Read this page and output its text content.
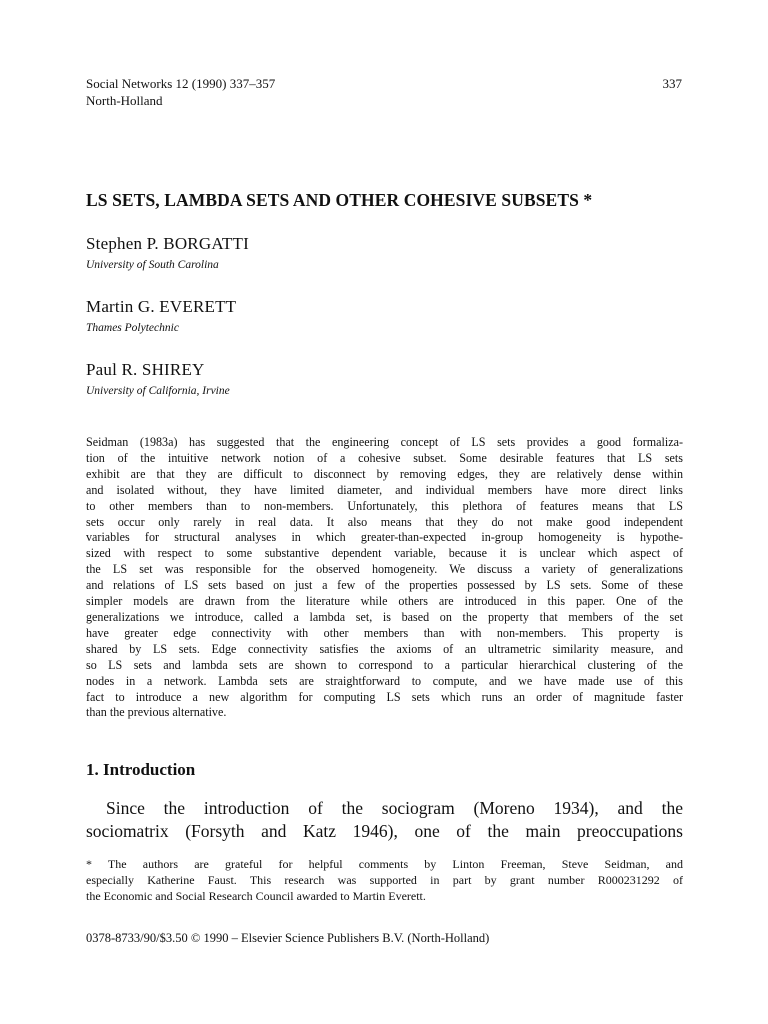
Social Networks 12 (1990) 337–357
North-Holland
337
LS SETS, LAMBDA SETS AND OTHER COHESIVE SUBSETS *
Stephen P. BORGATTI
University of South Carolina
Martin G. EVERETT
Thames Polytechnic
Paul R. SHIREY
University of California, Irvine
Seidman (1983a) has suggested that the engineering concept of LS sets provides a good formaliza-
tion of the intuitive network notion of a cohesive subset. Some desirable features that LS sets
exhibit are that they are difficult to disconnect by removing edges, they are relatively dense within
and isolated without, they have limited diameter, and individual members have more direct links
to other members than to non-members. Unfortunately, this plethora of features means that LS
sets occur only rarely in real data. It also means that they do not make good independent
variables for structural analyses in which greater-than-expected in-group homogeneity is hypothe-
sized with respect to some substantive dependent variable, because it is unclear which aspect of
the LS set was responsible for the observed homogeneity. We discuss a variety of generalizations
and relations of LS sets based on just a few of the properties possessed by LS sets. Some of these
simpler models are drawn from the literature while others are introduced in this paper. One of the
generalizations we introduce, called a lambda set, is based on the property that members of the set
have greater edge connectivity with other members than with non-members. This property is
shared by LS sets. Edge connectivity satisfies the axioms of an ultrametric similarity measure, and
so LS sets and lambda sets are shown to correspond to a particular hierarchical clustering of the
nodes in a network. Lambda sets are straightforward to compute, and we have made use of this
fact to introduce a new algorithm for computing LS sets which runs an order of magnitude faster
than the previous alternative.
1. Introduction
Since the introduction of the sociogram (Moreno 1934), and the
sociomatrix (Forsyth and Katz 1946), one of the main preoccupations
* The authors are grateful for helpful comments by Linton Freeman, Steve Seidman, and
especially Katherine Faust. This research was supported in part by grant number R000231292 of
the Economic and Social Research Council awarded to Martin Everett.
0378-8733/90/$3.50 © 1990 – Elsevier Science Publishers B.V. (North-Holland)
